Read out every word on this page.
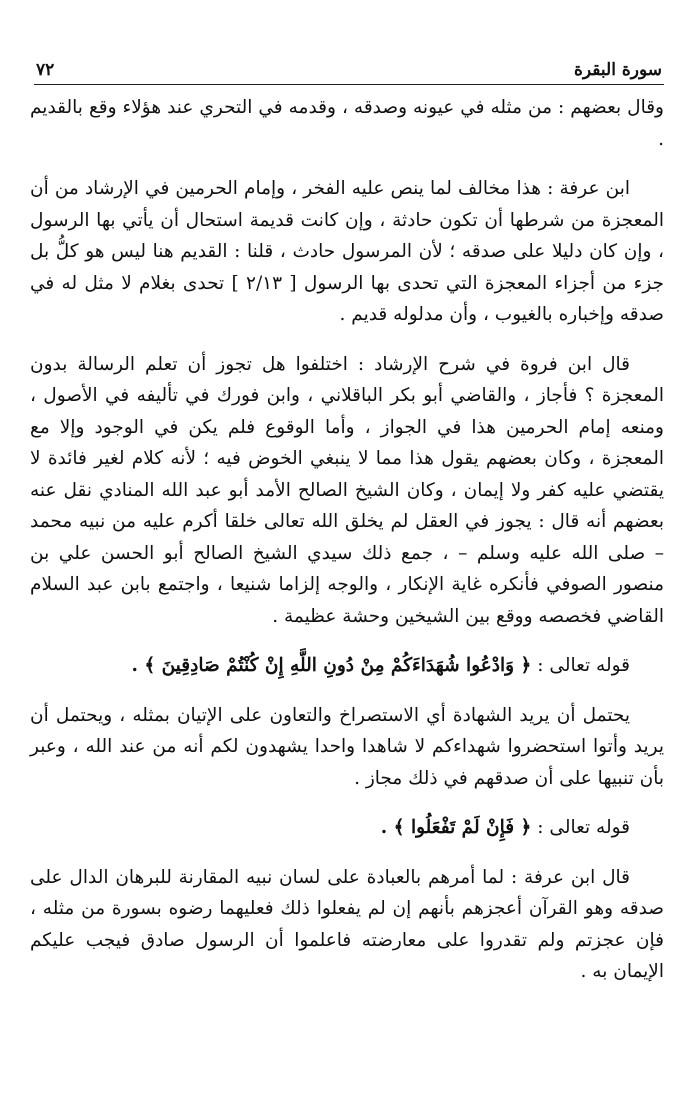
٧٢	سورة البقرة

وقال بعضهم : من مثله في عيونه وصدقه ، وقدمه في التحري عند هؤلاء وقع بالقديم .

ابن عرفة : هذا مخالف لما ينص عليه الفخر ، وإمام الحرمين في الإرشاد من أن المعجزة من شرطها أن تكون حادثة ، وإن كانت قديمة استحال أن يأتي بها الرسول ، وإن كان دليلا على صدقه ؛ لأن المرسول حادث ، قلنا : القديم هنا ليس هو كلُّ بل جزء من أجزاء المعجزة التي تحدى بها الرسول [ ٢/١٣ ] تحدى بغلام لا مثل له في صدقه وإخباره بالغيوب ، وأن مدلوله قديم .

قال ابن فروة في شرح الإرشاد : اختلفوا هل تجوز أن تعلم الرسالة بدون المعجزة ؟ فأجاز ، والقاضي أبو بكر الباقلاني ، وابن فورك في تأليفه في الأصول ، ومنعه إمام الحرمين هذا في الجواز ، وأما الوقوع فلم يكن في الوجود وإلا مع المعجزة ، وكان بعضهم يقول هذا مما لا ينبغي الخوض فيه ؛ لأنه كلام لغير فائدة لا يقتضي عليه كفر ولا إيمان ، وكان الشيخ الصالح الأمد أبو عبد الله المنادي نقل عنه بعضهم أنه قال : يجوز في العقل لم يخلق الله تعالى خلقا أكرم عليه من نبيه محمد – صلى الله عليه وسلم – ، جمع ذلك سيدي الشيخ الصالح أبو الحسن علي بن منصور الصوفي فأنكره غاية الإنكار ، والوجه إلزاما شنيعا ، واجتمع بابن عبد السلام القاضي فخصصه ووقع بين الشيخين وحشة عظيمة .

قوله تعالى : ﴿ وَادْعُوا شُهَدَاءَكُمْ مِنْ دُونِ اللَّهِ إِنْ كُنْتُمْ صَادِقِينَ ﴾ .

يحتمل أن يريد الشهادة أي الاستصراخ والتعاون على الإتيان بمثله ، ويحتمل أن يريد وأتوا استحضروا شهداءكم لا شاهدا واحدا يشهدون لكم أنه من عند الله ، وعبر بأن تنبيها على أن صدقهم في ذلك مجاز .

قوله تعالى : ﴿ فَإِنْ لَمْ تَفْعَلُوا ﴾ .

قال ابن عرفة : لما أمرهم بالعبادة على لسان نبيه المقارنة للبرهان الدال على صدقه وهو القرآن أعجزهم بأنهم إن لم يفعلوا ذلك فعليهما رضوه بسورة من مثله ، فإن عجزتم ولم تقدروا على معارضته فاعلموا أن الرسول صادق فيجب عليكم الإيمان به .
